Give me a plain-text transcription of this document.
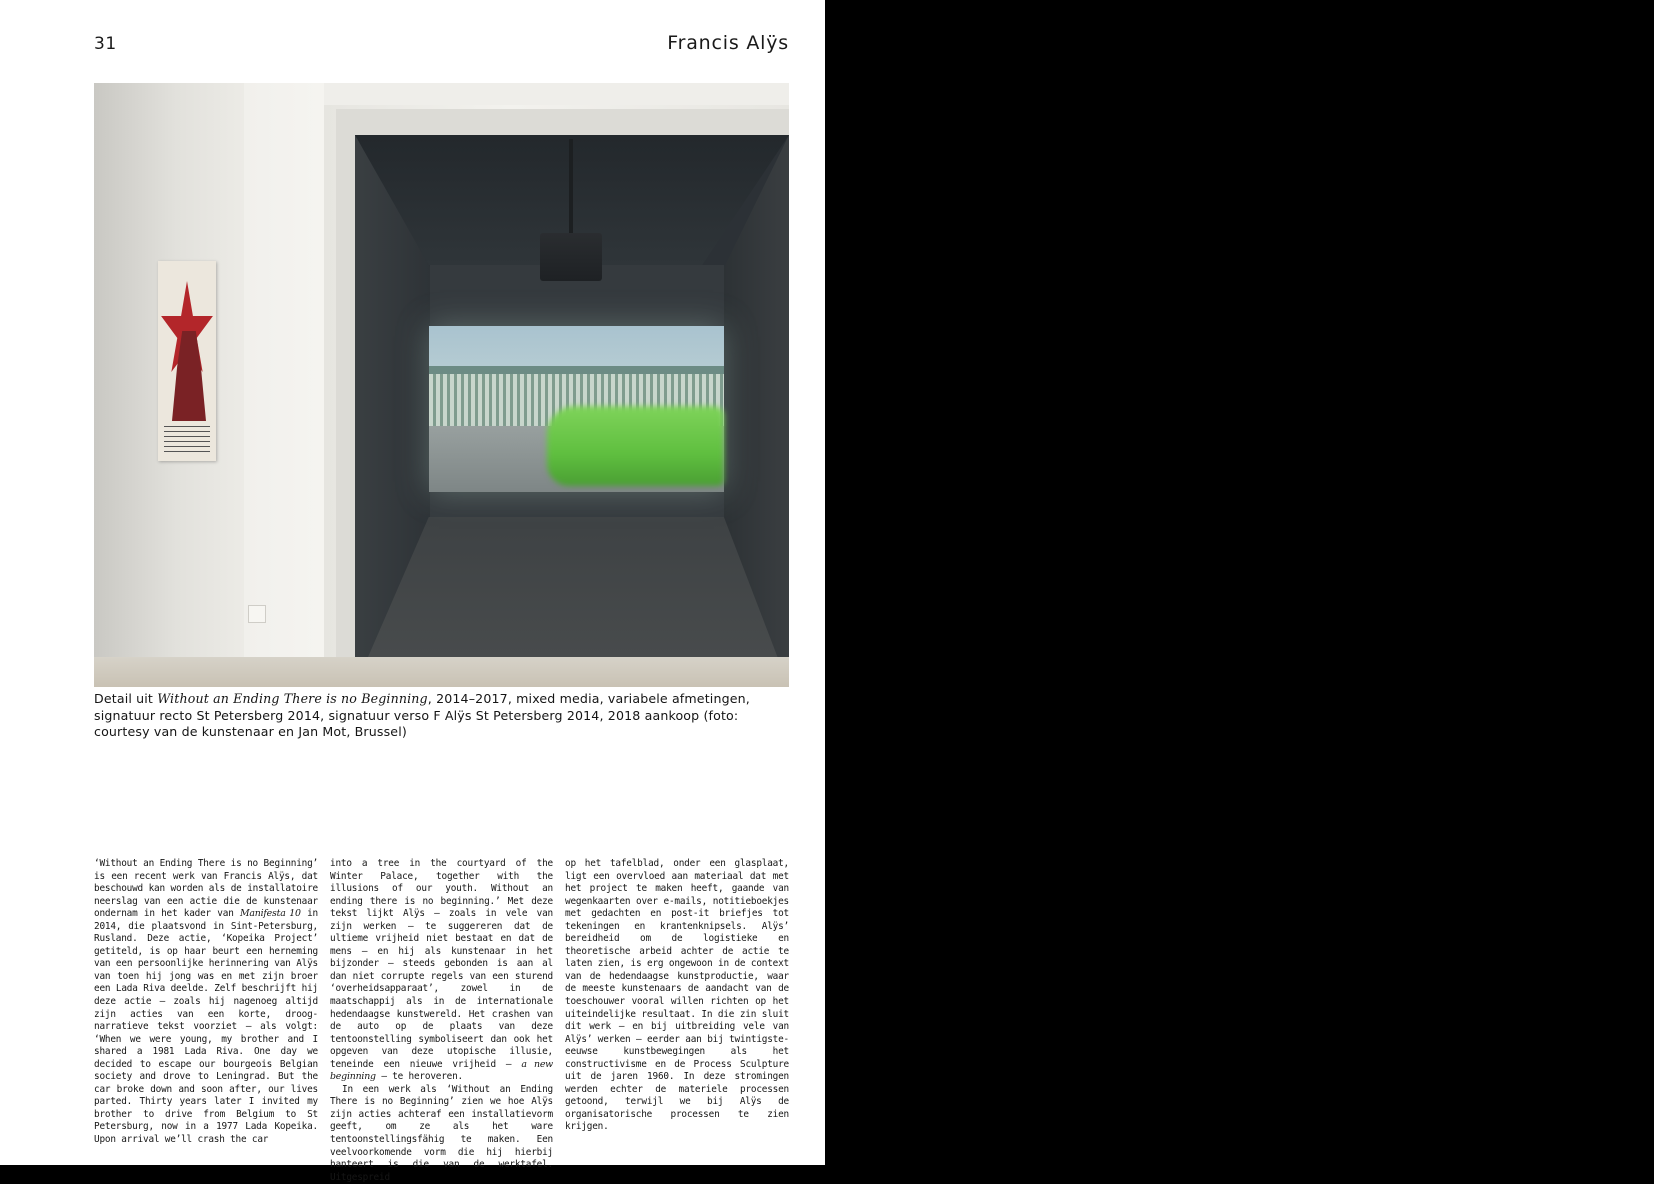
31	Francis Alÿs
Detail uit Without an Ending There is no Beginning, 2014–2017, mixed media, variabele afmetingen, signatuur recto St Petersberg 2014, signatuur verso F Alÿs St Petersberg 2014, 2018 aankoop (foto: courtesy van de kunstenaar en Jan Mot, Brussel)

‘Without an Ending There is no Beginning’ is een recent werk van Francis Alÿs, dat beschouwd kan worden als de installatoire neerslag van een actie die de kunstenaar ondernam in het kader van Manifesta 10 in 2014, die plaatsvond in Sint-Petersburg, Rusland. Deze actie, ‘Kopeika Project’ getiteld, is op haar beurt een herneming van een persoonlijke herinnering van Alÿs van toen hij jong was en met zijn broer een Lada Riva deelde. Zelf beschrijft hij deze actie – zoals hij nagenoeg altijd zijn acties van een korte, droog-narratieve tekst voorziet – als volgt: ‘When we were young, my brother and I shared a 1981 Lada Riva. One day we decided to escape our bourgeois Belgian society and drove to Leningrad. But the car broke down and soon after, our lives parted. Thirty years later I invited my brother to drive from Belgium to St Petersburg, now in a 1977 Lada Kopeika. Upon arrival we’ll crash the car

into a tree in the courtyard of the Winter Palace, together with the illusions of our youth. Without an ending there is no beginning.’ Met deze tekst lijkt Alÿs – zoals in vele van zijn werken – te suggereren dat de ultieme vrijheid niet bestaat en dat de mens – en hij als kunstenaar in het bijzonder – steeds gebonden is aan al dan niet corrupte regels van een sturend ‘overheidsapparaat’, zowel in de maatschappij als in de internationale hedendaagse kunstwereld. Het crashen van de auto op de plaats van deze tentoonstelling symboliseert dan ook het opgeven van deze utopische illusie, teneinde een nieuwe vrijheid – a new beginning – te heroveren.

In een werk als ‘Without an Ending There is no Beginning’ zien we hoe Alÿs zijn acties achteraf een installatievorm geeft, om ze als het ware tentoonstellingsfähig te maken. Een veelvoorkomende vorm die hij hierbij hanteert is die van de werktafel. Uitgespreid

op het tafelblad, onder een glasplaat, ligt een overvloed aan materiaal dat met het project te maken heeft, gaande van wegenkaarten over e-mails, notitieboekjes met gedachten en post-it briefjes tot tekeningen en krantenknipsels. Alÿs’ bereidheid om de logistieke en theoretische arbeid achter de actie te laten zien, is erg ongewoon in de context van de hedendaagse kunstproductie, waar de meeste kunstenaars de aandacht van de toeschouwer vooral willen richten op het uiteindelijke resultaat. In die zin sluit dit werk – en bij uitbreiding vele van Alÿs’ werken – eerder aan bij twintigste-eeuwse kunstbewegingen als het constructivisme en de Process Sculpture uit de jaren 1960. In deze stromingen werden echter de materiele processen getoond, terwijl we bij Alÿs de organisatorische processen te zien krijgen.
